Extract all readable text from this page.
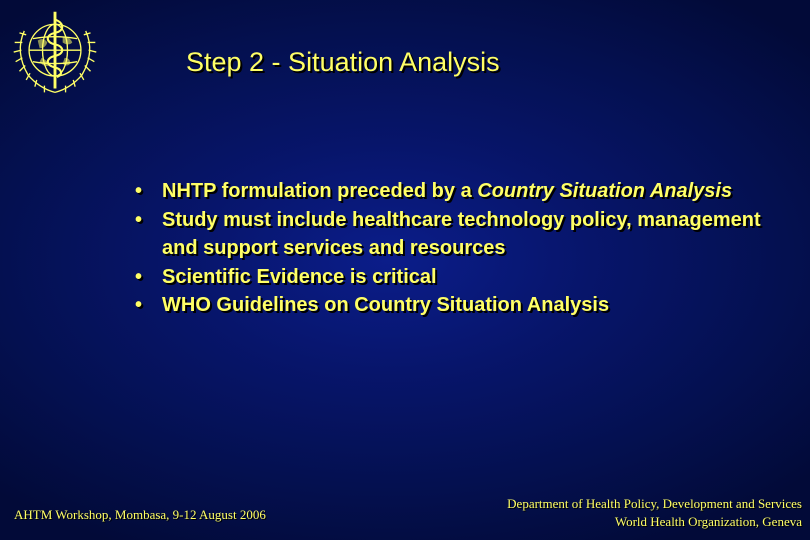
Step 2 - Situation Analysis
• NHTP formulation preceded by a Country Situation Analysis
• Study must include healthcare technology policy, management and support services and resources
• Scientific Evidence is critical
• WHO Guidelines on Country Situation Analysis
AHTM Workshop, Mombasa, 9-12 August 2006
Department of Health Policy, Development and Services
World Health Organization, Geneva
